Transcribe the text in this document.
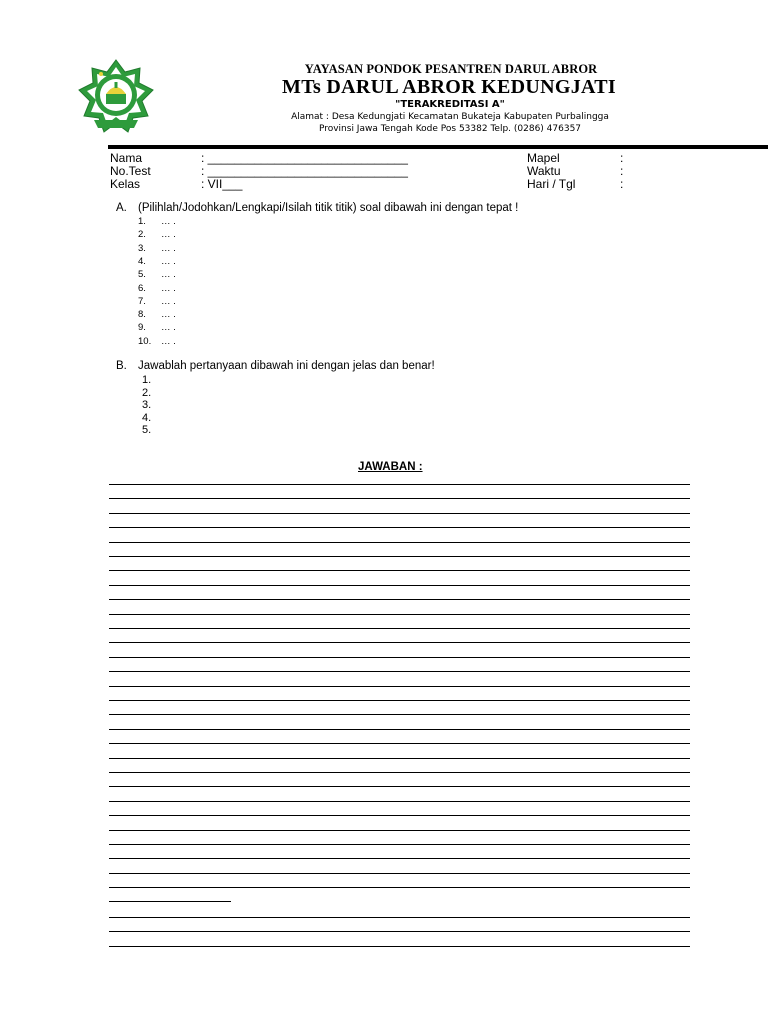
YAYASAN PONDOK PESANTREN DARUL ABROR
MTs DARUL ABROR KEDUNGJATI
"TERAKREDITASI A"
Alamat : Desa Kedungjati Kecamatan Bukateja Kabupaten Purbalingga
Provinsi Jawa Tengah Kode Pos 53382 Telp. (0286) 476357
Nama	: ______________________________
No.Test	: ______________________________
Kelas	: VII___
Mapel	:
Waktu	:
Hari / Tgl	:
A. (Pilihlah/Jodohkan/Lengkapi/Isilah titik titik) soal dibawah ini dengan tepat !
1. … .
2. … .
3. … .
4. … .
5. … .
6. … .
7. … .
8. … .
9. … .
10. … .
B. Jawablah pertanyaan dibawah ini dengan jelas dan benar!
1.
2.
3.
4.
5.
JAWABAN :
